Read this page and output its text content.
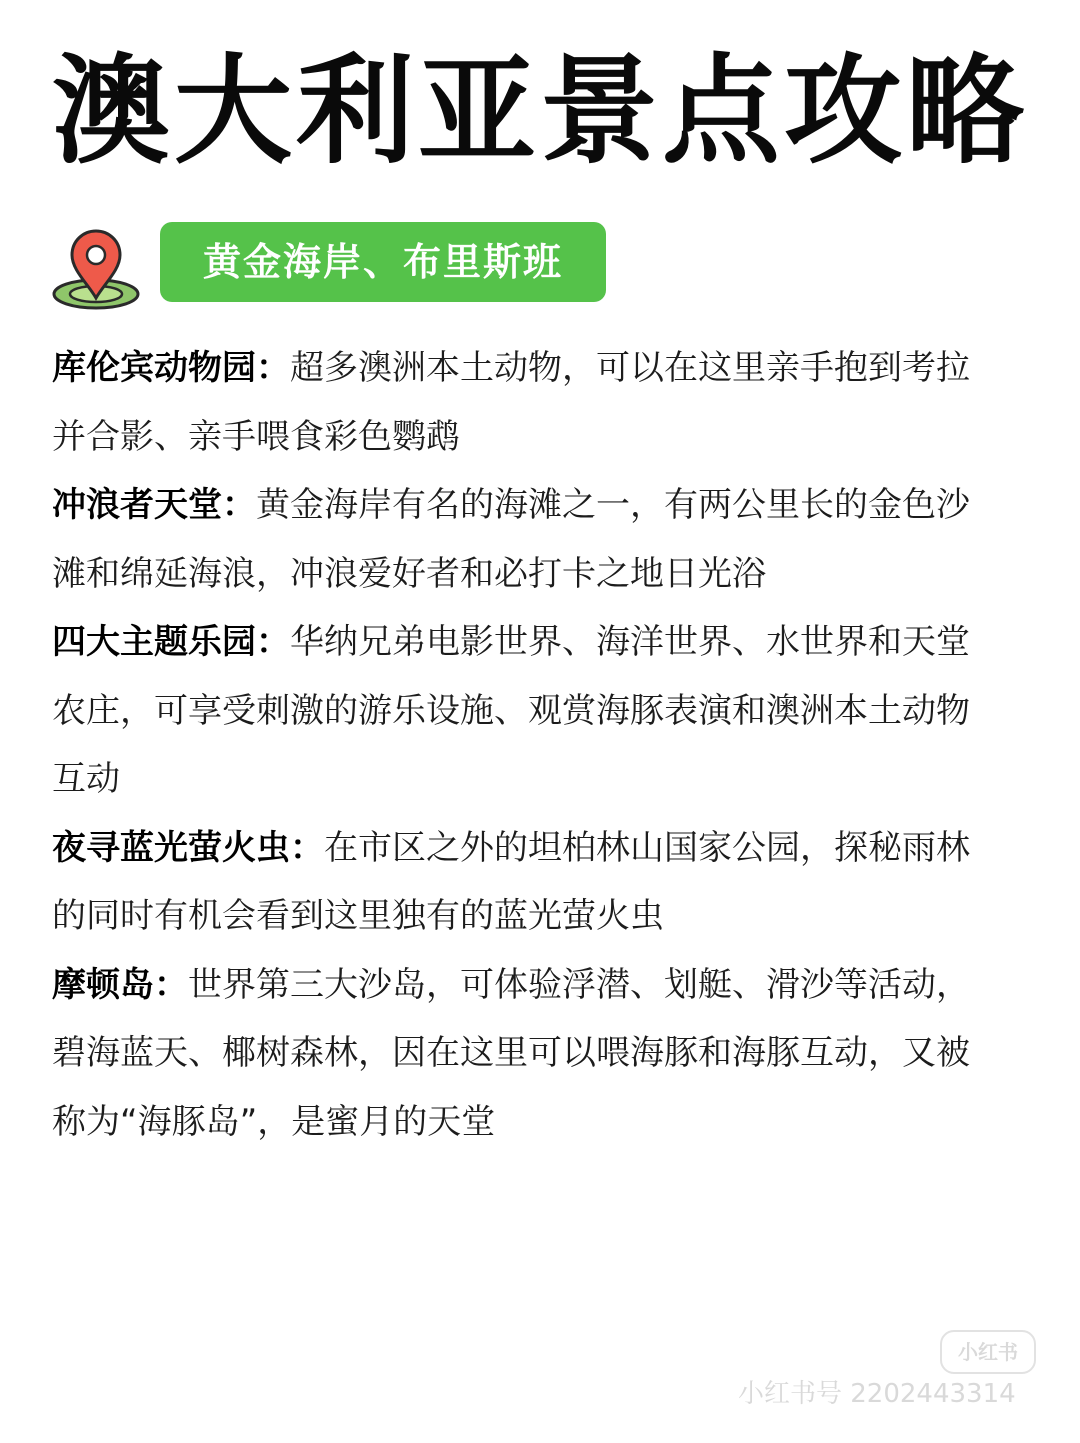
澳大利亚景点攻略
黄金海岸、布里斯班

库伦宾动物园：超多澳洲本土动物，可以在这里亲手抱到考拉并合影、亲手喂食彩色鹦鹉

冲浪者天堂：黄金海岸有名的海滩之一，有两公里长的金色沙滩和绵延海浪，冲浪爱好者和必打卡之地日光浴

四大主题乐园：华纳兄弟电影世界、海洋世界、水世界和天堂农庄，可享受刺激的游乐设施、观赏海豚表演和澳洲本土动物互动

夜寻蓝光萤火虫：在市区之外的坦柏林山国家公园，探秘雨林的同时有机会看到这里独有的蓝光萤火虫

摩顿岛：世界第三大沙岛，可体验浮潜、划艇、滑沙等活动，碧海蓝天、椰树森林，因在这里可以喂海豚和海豚互动，又被称为“海豚岛”，是蜜月的天堂

小红书
小红书号 2202443314
